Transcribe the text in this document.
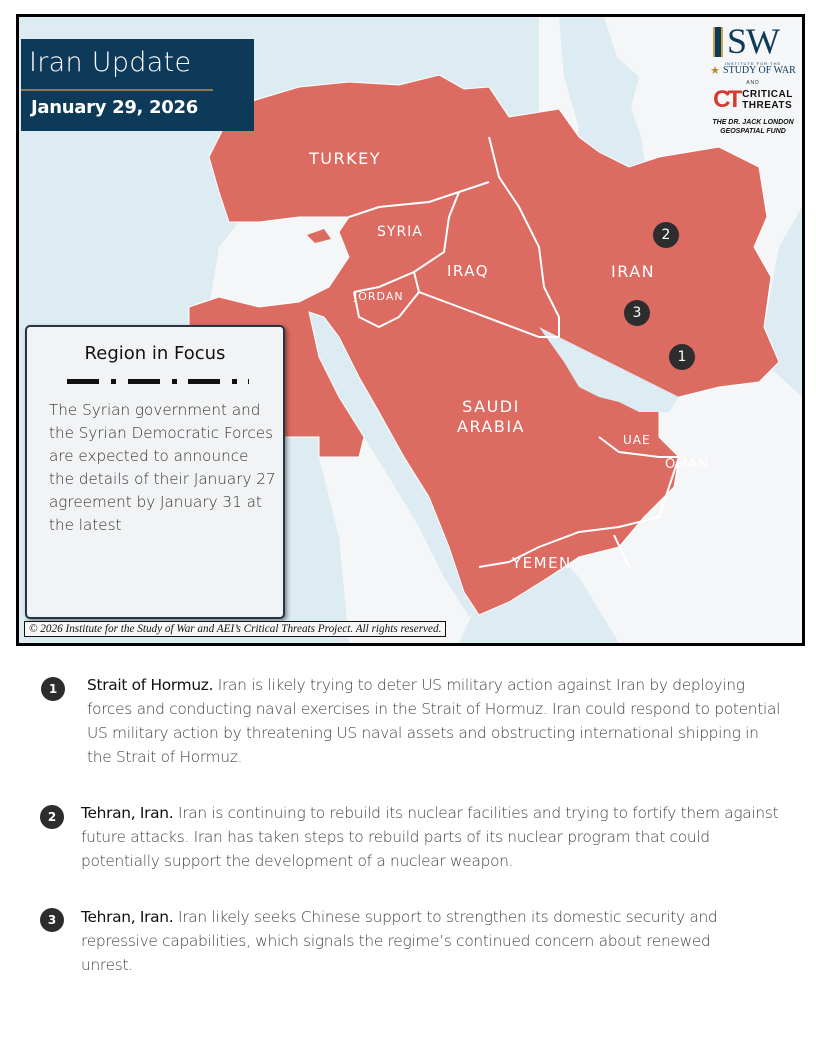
TURKEY
SYRIA
IRAQ
JORDAN
IRAN
SAUDI
ARABIA
UAE
OMAN
YEMEN
1
2
3
Iran Update
January 29, 2026
SW
INSTITUTE FOR THE
★ STUDY OF WAR
AND
CT CRITICAL
THREATS
THE DR. JACK LONDON
GEOSPATIAL FUND
Region in Focus
The Syrian government and the Syrian Democratic Forces are expected to announce the details of their January 27 agreement by January 31 at the latest
© 2026 Institute for the Study of War and AEI’s Critical Threats Project. All rights reserved.
1	Strait of Hormuz. Iran is likely trying to deter US military action against Iran by deploying forces and conducting naval exercises in the Strait of Hormuz. Iran could respond to potential US military action by threatening US naval assets and obstructing international shipping in the Strait of Hormuz.
2	Tehran, Iran. Iran is continuing to rebuild its nuclear facilities and trying to fortify them against future attacks. Iran has taken steps to rebuild parts of its nuclear program that could potentially support the development of a nuclear weapon.
3	Tehran, Iran. Iran likely seeks Chinese support to strengthen its domestic security and repressive capabilities, which signals the regime’s continued concern about renewed unrest.
